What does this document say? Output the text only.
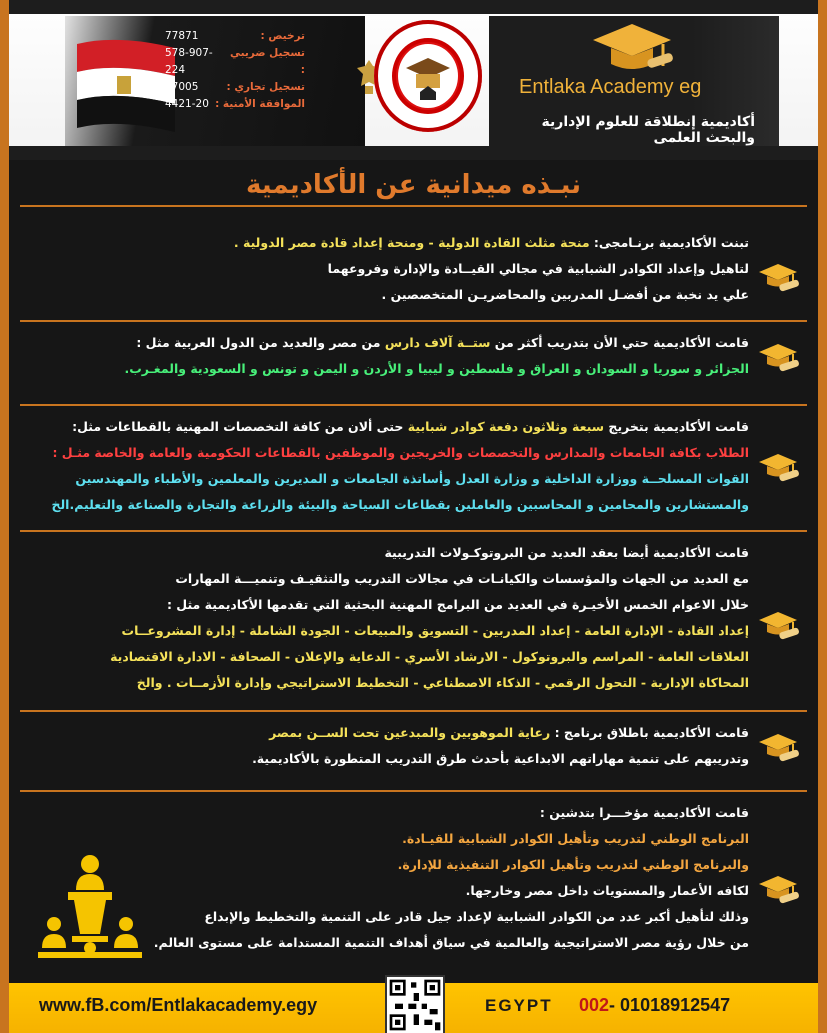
ترخيص :
77871
تسجيل ضريبي :
578-907-224
تسجيل تجاري :
97005
الموافقة الأمنية :
4421-20
Entlaka Academy eg
أكاديمية إنطلاقة للعلوم الإدارية والبحث العلمى
نبـذه ميدانية عن الأكاديمية
تبنت الأكاديمية برنـامجى: منحة مثلث القادة الدولية - ومنحة إعداد قادة مصر الدولية .
لتاهيل وإعداد الكوادر الشبابية في مجالي القيــادة والإدارة وفروعهما
علي يد نخبة من أفضـل المدربين والمحاضريـن المتخصصين .
قامت الأكاديمية حتي الأن بتدريب أكثر من ستــة آلاف دارس من مصر والعديد من الدول العربية مثل :
الجزائر و سوريا و السودان و العراق و فلسطين و ليبيا و الأردن و اليمن و تونس و السعودية والمغـرب.
قامت الأكاديمية بتخريج سبعة وثلاثون دفعة كوادر شبابية حتى ألان من كافة التخصصات المهنية بالقطاعات مثل:
الطلاب بكافة الجامعات والمدارس والتخصصات والخريجين والموظفين بالقطاعات الحكومية والعامة والخاصة مثـل :
القوات المسلحــة ووزارة الداخلية و وزارة العدل وأساتذة الجامعات و المديرين والمعلمين والأطباء والمهندسين
والمستشارين والمحامين و المحاسبين والعاملين بقطاعات السياحة والبيئة والزراعة والتجارة والصناعة والتعليم.الخ
قامت الأكاديمية أيضا بعقد العديد من البروتوكـولات التدريبية
مع العديد من الجهات والمؤسسات والكيانـات في مجالات التدريب والتثقيـف وتنميـــة المهارات
خلال الاعوام الخمس الأخيـرة في العديد من البرامج المهنية البحثية التي تقدمها الأكاديمية مثل :
إعداد القادة - الإدارة العامة - إعداد المدربين - التسويق والمبيعات - الجودة الشاملة - إدارة المشروعــات
العلاقات العامة - المراسم والبروتوكول - الارشاد الأسري - الدعاية والإعلان - الصحافة - الادارة الاقتصادية
المحاكاة الإدارية - التحول الرقمي - الذكاء الاصطناعي - التخطيط الاستراتيجي وإدارة الأزمــات . والخ
قامت الأكاديمية باطلاق برنامج : رعاية الموهوبين والمبدعين تحت الســن بمصر
وتدريبهم على تنمية مهاراتهم الابداعية بأحدث طرق التدريب المتطورة بالأكاديمية.
قامت الأكاديمية مؤخـــرا بتدشين :
البرنامج الوطني لتدريب وتأهيل الكوادر الشبابية للقيـادة.
والبرنامج الوطني لتدريب وتأهيل الكوادر التنفيذية للإدارة.
لكافه الأعمار والمستويات داخل مصر وخارجها.
وذلك لتأهيل أكبر عدد من الكوادر الشبابية لإعداد جيل قادر على التنمية والتخطيط والإبداع
من خلال رؤية مصر الاستراتيجية والعالمية في سياق أهداف التنمية المستدامة على مستوى العالم.
www.fB.com/Entlakacademy.egy	EGYPT 002- 01018912547
